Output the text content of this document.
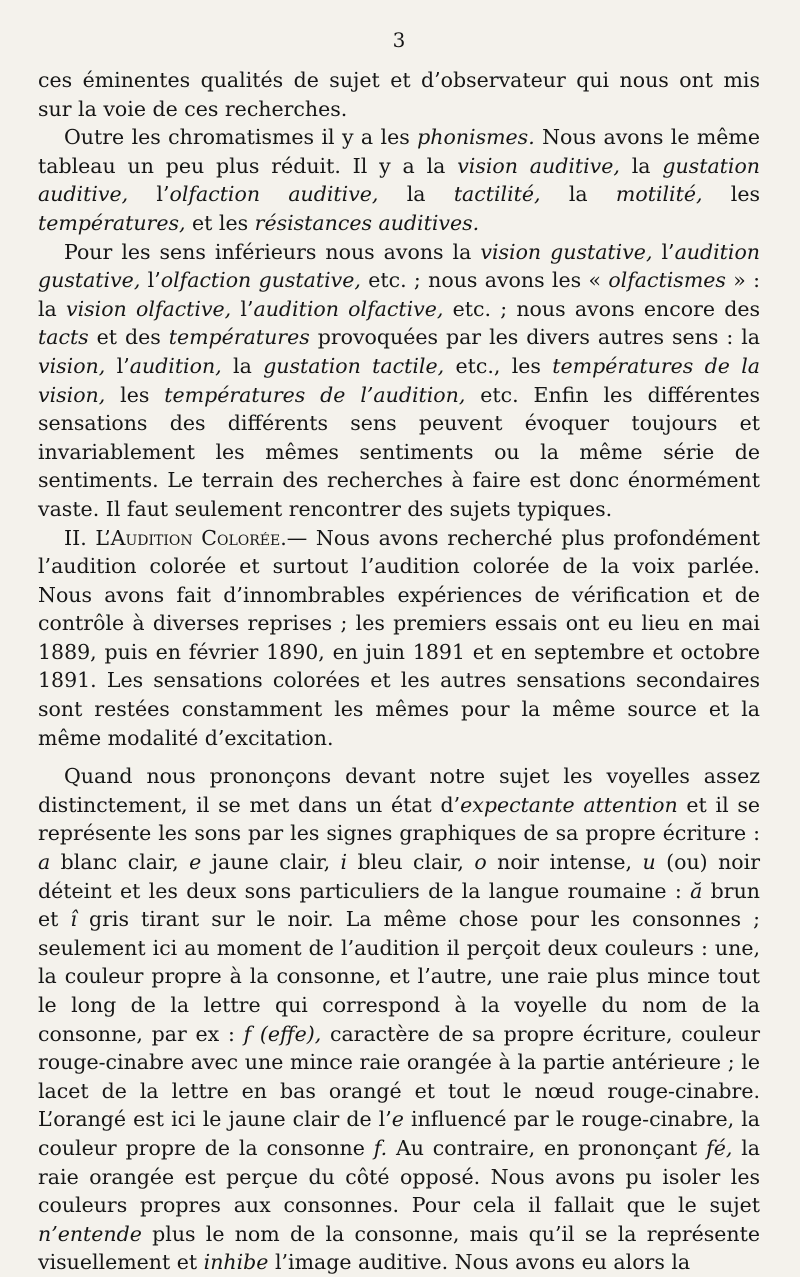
3

ces éminentes qualités de sujet et d’observateur qui nous ont mis sur la voie de ces recherches.

Outre les chromatismes il y a les phonismes. Nous avons le même tableau un peu plus réduit. Il y a la vision auditive, la gustation auditive, l’olfaction auditive, la tactilité, la motilité, les températures, et les résistances auditives.

Pour les sens inférieurs nous avons la vision gustative, l’audition gustative, l’olfaction gustative, etc. ; nous avons les « olfactismes » : la vision olfactive, l’audition olfactive, etc. ; nous avons encore des tacts et des températures provoquées par les divers autres sens : la vision, l’audition, la gustation tactile, etc., les températures de la vision, les températures de l’audition, etc. Enfin les différentes sensations des différents sens peuvent évoquer toujours et invariablement les mêmes sentiments ou la même série de sentiments. Le terrain des recherches à faire est donc énormément vaste. Il faut seulement rencontrer des sujets typiques.

II. L’Audition Colorée.— Nous avons recherché plus profondément l’audition colorée et surtout l’audition colorée de la voix parlée. Nous avons fait d’innombrables expériences de vérification et de contrôle à diverses reprises ; les premiers essais ont eu lieu en mai 1889, puis en février 1890, en juin 1891 et en septembre et octobre 1891. Les sensations colorées et les autres sensations secondaires sont restées constamment les mêmes pour la même source et la même modalité d’excitation.

Quand nous prononçons devant notre sujet les voyelles assez distinctement, il se met dans un état d’expectante attention et il se représente les sons par les signes graphiques de sa propre écriture : a blanc clair, e jaune clair, i bleu clair, o noir intense, u (ou) noir déteint et les deux sons particuliers de la langue roumaine : ă brun et î gris tirant sur le noir. La même chose pour les consonnes ; seulement ici au moment de l’audition il perçoit deux couleurs : une, la couleur propre à la consonne, et l’autre, une raie plus mince tout le long de la lettre qui correspond à la voyelle du nom de la consonne, par ex : f (effe), caractère de sa propre écriture, couleur rouge-cinabre avec une mince raie orangée à la partie antérieure ; le lacet de la lettre en bas orangé et tout le nœud rouge-cinabre. L’orangé est ici le jaune clair de l’e influencé par le rouge-cinabre, la couleur propre de la consonne f. Au contraire, en prononçant fé, la raie orangée est perçue du côté opposé. Nous avons pu isoler les couleurs propres aux consonnes. Pour cela il fallait que le sujet n’entende plus le nom de la consonne, mais qu’il se la représente visuellement et inhibe l’image auditive. Nous avons eu alors la
